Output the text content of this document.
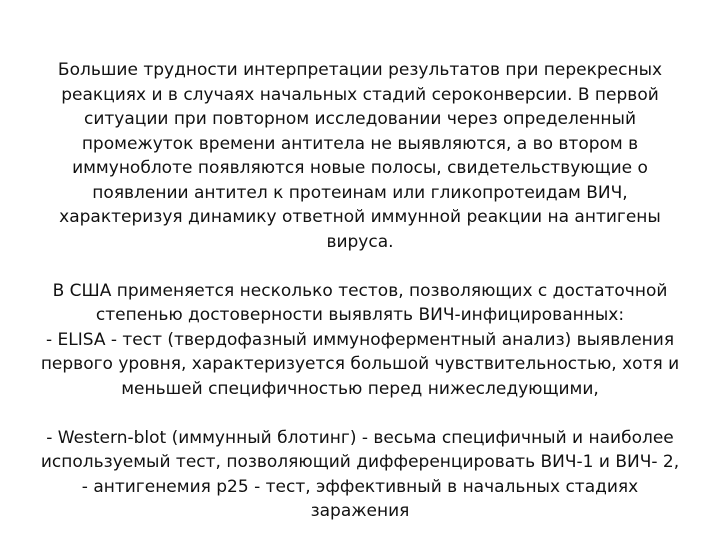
Большие трудности интерпретации результатов при перекресных
реакциях и в случаях начальных стадий сероконверсии. В первой
ситуации при повторном исследовании через определенный
промежуток времени антитела не выявляются, а во втором в
иммуноблоте появляются новые полосы, свидетельствующие о
появлении антител к протеинам или гликопротеидам ВИЧ,
характеризуя динамику ответной иммунной реакции на антигены
вируса.
В США применяется несколько тестов, позволяющих с достаточной
степенью достоверности выявлять ВИЧ-инфицированных:
- ELISA - тест (твердофазный иммуноферментный анализ) выявления
первого уровня, характеризуется большой чувствительностью, хотя и
меньшей специфичностью перед нижеследующими,
- Western-blot (иммунный блотинг) - весьма специфичный и наиболее
используемый тест, позволяющий дифференцировать ВИЧ-1 и ВИЧ- 2,
- антигенемия р25 - тест, эффективный в начальных стадиях
заражения
